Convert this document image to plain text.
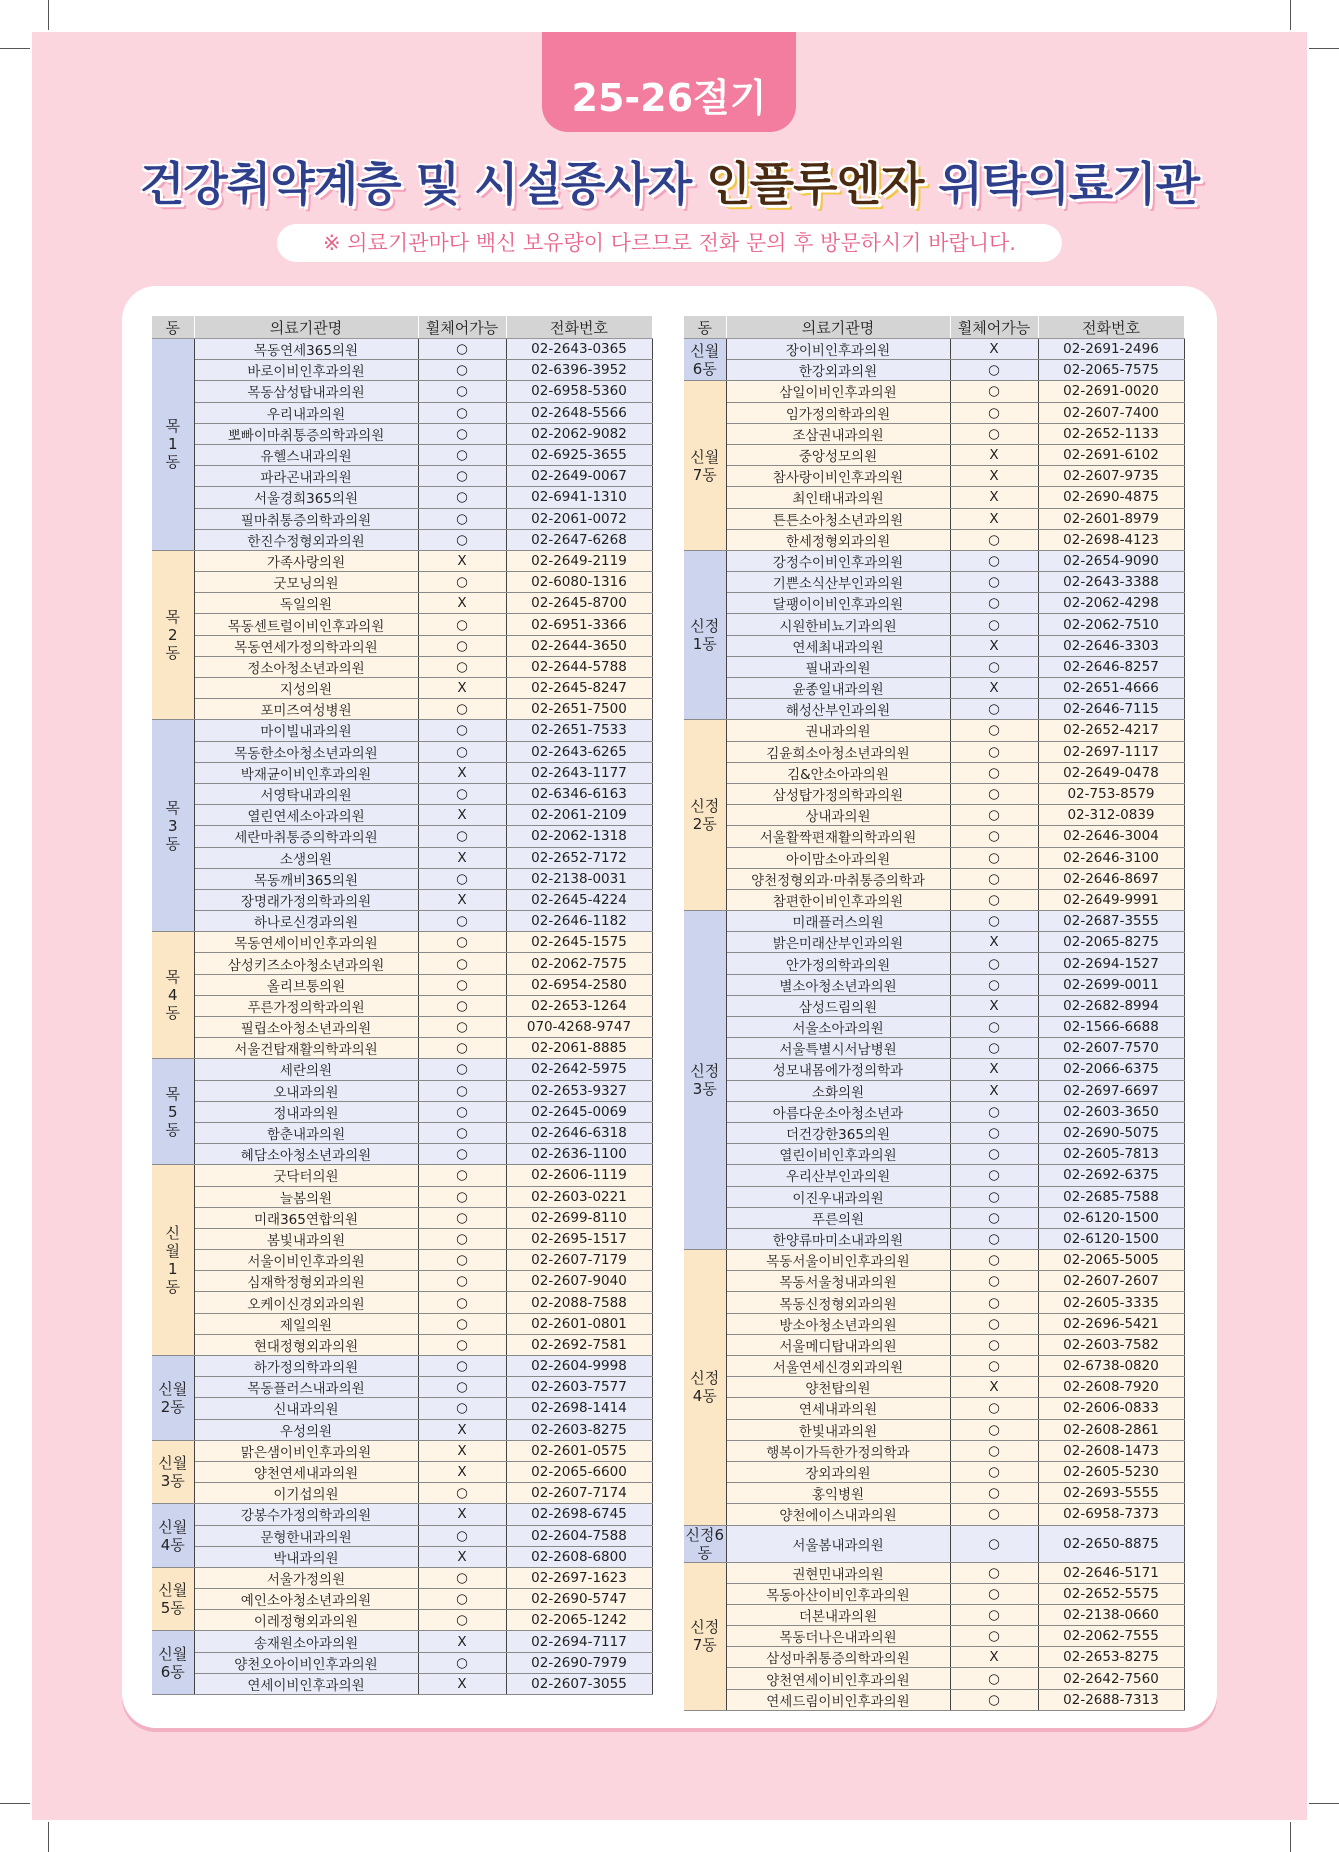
25-26절기
건강취약계층 및 시설종사자 인플루엔자 위탁의료기관
※ 의료기관마다 백신 보유량이 다르므로 전화 문의 후 방문하시기 바랍니다.
동	의료기관명	휠체어가능	전화번호
목
1
동	목동연세365의원	○	02-2643-0365
	바로이비인후과의원	○	02-6396-3952
	목동삼성탑내과의원	○	02-6958-5360
	우리내과의원	○	02-2648-5566
	뽀빠이마취통증의학과의원	○	02-2062-9082
	유헬스내과의원	○	02-6925-3655
	파라곤내과의원	○	02-2649-0067
	서울경희365의원	○	02-6941-1310
	필마취통증의학과의원	○	02-2061-0072
	한진수정형외과의원	○	02-2647-6268
목
2
동	가족사랑의원	X	02-2649-2119
	굿모닝의원	○	02-6080-1316
	독일의원	X	02-2645-8700
	목동센트럴이비인후과의원	○	02-6951-3366
	목동연세가정의학과의원	○	02-2644-3650
	정소아청소년과의원	○	02-2644-5788
	지성의원	X	02-2645-8247
	포미즈여성병원	○	02-2651-7500
목
3
동	마이빌내과의원	○	02-2651-7533
	목동한소아청소년과의원	○	02-2643-6265
	박재균이비인후과의원	X	02-2643-1177
	서영탁내과의원	○	02-6346-6163
	열린연세소아과의원	X	02-2061-2109
	세란마취통증의학과의원	○	02-2062-1318
	소생의원	X	02-2652-7172
	목동깨비365의원	○	02-2138-0031
	장명래가정의학과의원	X	02-2645-4224
	하나로신경과의원	○	02-2646-1182
목
4
동	목동연세이비인후과의원	○	02-2645-1575
	삼성키즈소아청소년과의원	○	02-2062-7575
	올리브통의원	○	02-6954-2580
	푸른가정의학과의원	○	02-2653-1264
	필립소아청소년과의원	○	070-4268-9747
	서울건탑재활의학과의원	○	02-2061-8885
목
5
동	세란의원	○	02-2642-5975
	오내과의원	○	02-2653-9327
	정내과의원	○	02-2645-0069
	함춘내과의원	○	02-2646-6318
	혜담소아청소년과의원	○	02-2636-1100
신
월
1
동	굿닥터의원	○	02-2606-1119
	늘봄의원	○	02-2603-0221
	미래365연합의원	○	02-2699-8110
	봄빛내과의원	○	02-2695-1517
	서울이비인후과의원	○	02-2607-7179
	심재학정형외과의원	○	02-2607-9040
	오케이신경외과의원	○	02-2088-7588
	제일의원	○	02-2601-0801
	현대정형외과의원	○	02-2692-7581
신월
2동	하가정의학과의원	○	02-2604-9998
	목동플러스내과의원	○	02-2603-7577
	신내과의원	○	02-2698-1414
	우성의원	X	02-2603-8275
신월
3동	맑은샘이비인후과의원	X	02-2601-0575
	양천연세내과의원	X	02-2065-6600
	이기섭의원	○	02-2607-7174
신월
4동	강봉수가정의학과의원	X	02-2698-6745
	문형한내과의원	○	02-2604-7588
	박내과의원	X	02-2608-6800
신월
5동	서울가정의원	○	02-2697-1623
	예인소아청소년과의원	○	02-2690-5747
	이레정형외과의원	○	02-2065-1242
신월
6동	송재원소아과의원	X	02-2694-7117
	양천오아이비인후과의원	○	02-2690-7979
	연세이비인후과의원	X	02-2607-3055
동	의료기관명	휠체어가능	전화번호
신월
6동	장이비인후과의원	X	02-2691-2496
	한강외과의원	○	02-2065-7575
신월
7동	삼일이비인후과의원	○	02-2691-0020
	임가정의학과의원	○	02-2607-7400
	조삼권내과의원	○	02-2652-1133
	중앙성모의원	X	02-2691-6102
	참사랑이비인후과의원	X	02-2607-9735
	최인태내과의원	X	02-2690-4875
	튼튼소아청소년과의원	X	02-2601-8979
	한세정형외과의원	○	02-2698-4123
신정
1동	강정수이비인후과의원	○	02-2654-9090
	기쁜소식산부인과의원	○	02-2643-3388
	달팽이이비인후과의원	○	02-2062-4298
	시원한비뇨기과의원	○	02-2062-7510
	연세최내과의원	X	02-2646-3303
	필내과의원	○	02-2646-8257
	윤종일내과의원	X	02-2651-4666
	해성산부인과의원	○	02-2646-7115
신정
2동	권내과의원	○	02-2652-4217
	김윤희소아청소년과의원	○	02-2697-1117
	김&안소아과의원	○	02-2649-0478
	삼성탑가정의학과의원	○	02-753-8579
	상내과의원	○	02-312-0839
	서울활짝편재활의학과의원	○	02-2646-3004
	아이맘소아과의원	○	02-2646-3100
	양천정형외과·마취통증의학과	○	02-2646-8697
	참편한이비인후과의원	○	02-2649-9991
신정
3동	미래플러스의원	○	02-2687-3555
	밝은미래산부인과의원	X	02-2065-8275
	안가정의학과의원	○	02-2694-1527
	별소아청소년과의원	○	02-2699-0011
	삼성드림의원	X	02-2682-8994
	서울소아과의원	○	02-1566-6688
	서울특별시서남병원	○	02-2607-7570
	성모내몸에가정의학과	X	02-2066-6375
	소화의원	X	02-2697-6697
	아름다운소아청소년과	○	02-2603-3650
	더건강한365의원	○	02-2690-5075
	열린이비인후과의원	○	02-2605-7813
	우리산부인과의원	○	02-2692-6375
	이진우내과의원	○	02-2685-7588
	푸른의원	○	02-6120-1500
	한양류마미소내과의원	○	02-6120-1500
신정
4동	목동서울이비인후과의원	○	02-2065-5005
	목동서울청내과의원	○	02-2607-2607
	목동신정형외과의원	○	02-2605-3335
	방소아청소년과의원	○	02-2696-5421
	서울메디탑내과의원	○	02-2603-7582
	서울연세신경외과의원	○	02-6738-0820
	양천탑의원	X	02-2608-7920
	연세내과의원	○	02-2606-0833
	한빛내과의원	○	02-2608-2861
	행복이가득한가정의학과	○	02-2608-1473
	장외과의원	○	02-2605-5230
	홍익병원	○	02-2693-5555
	양천에이스내과의원	○	02-6958-7373
신정6동	서울봄내과의원	○	02-2650-8875
신정
7동	권현민내과의원	○	02-2646-5171
	목동아산이비인후과의원	○	02-2652-5575
	더본내과의원	○	02-2138-0660
	목동더나은내과의원	○	02-2062-7555
	삼성마취통증의학과의원	X	02-2653-8275
	양천연세이비인후과의원	○	02-2642-7560
	연세드림이비인후과의원	○	02-2688-7313
